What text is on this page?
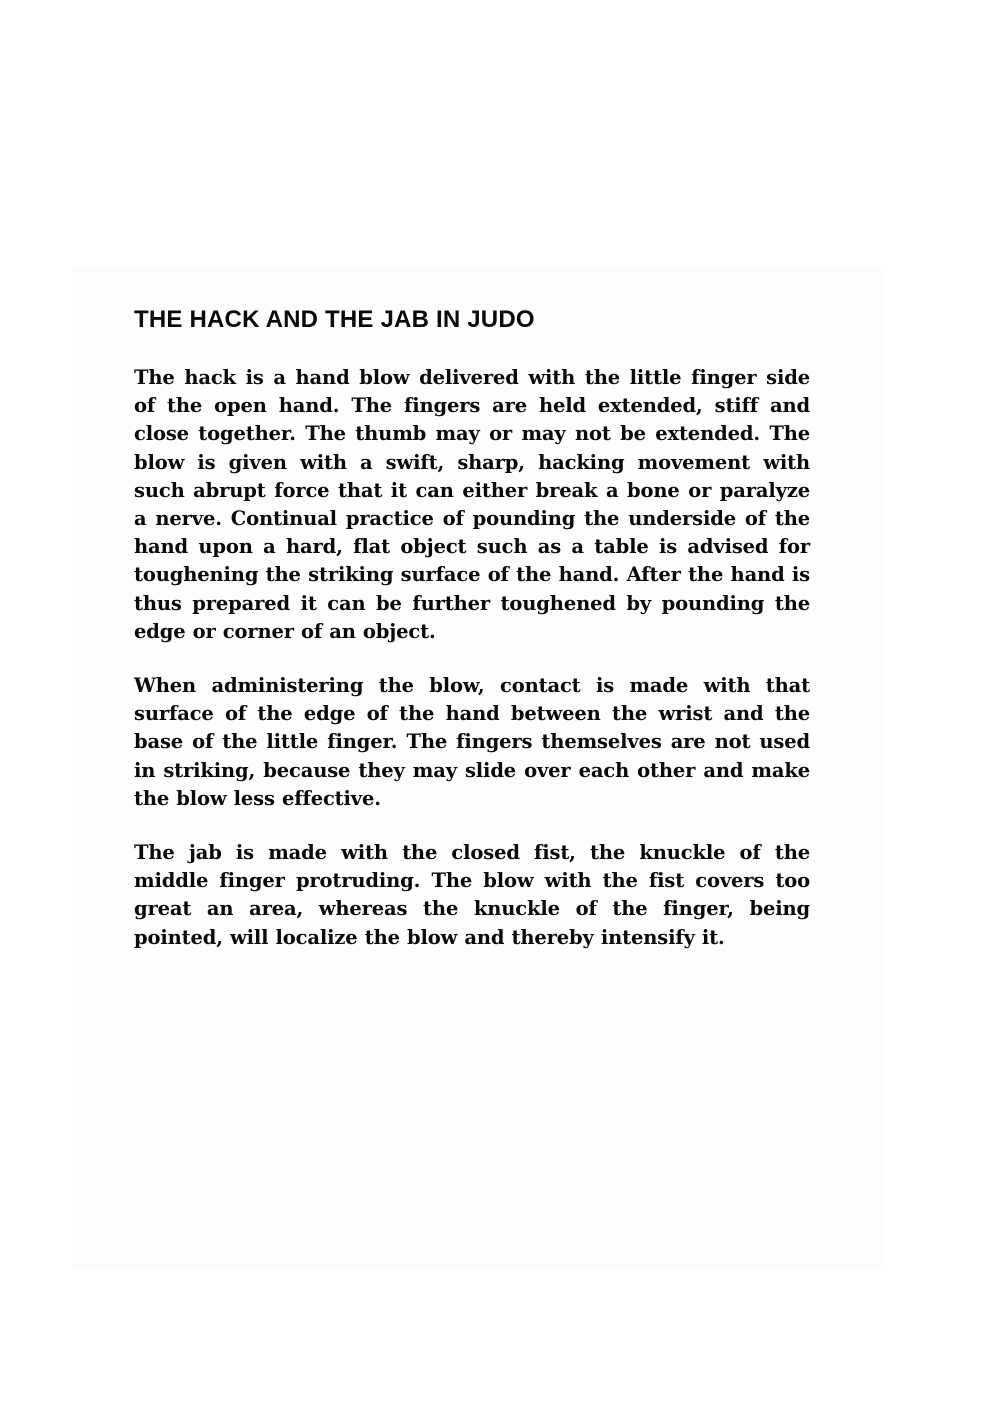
THE HACK AND THE JAB IN JUDO

The hack is a hand blow delivered with the little finger side of the open hand. The fingers are held extended, stiff and close together. The thumb may or may not be extended. The blow is given with a swift, sharp, hacking movement with such abrupt force that it can either break a bone or paralyze a nerve. Continual practice of pounding the underside of the hand upon a hard, flat object such as a table is advised for toughening the striking surface of the hand. After the hand is thus prepared it can be further toughened by pounding the edge or corner of an object.

When administering the blow, contact is made with that surface of the edge of the hand between the wrist and the base of the little finger. The fingers themselves are not used in striking, because they may slide over each other and make the blow less effective.

The jab is made with the closed fist, the knuckle of the middle finger protruding. The blow with the fist covers too great an area, whereas the knuckle of the finger, being pointed, will localize the blow and thereby intensify it.
